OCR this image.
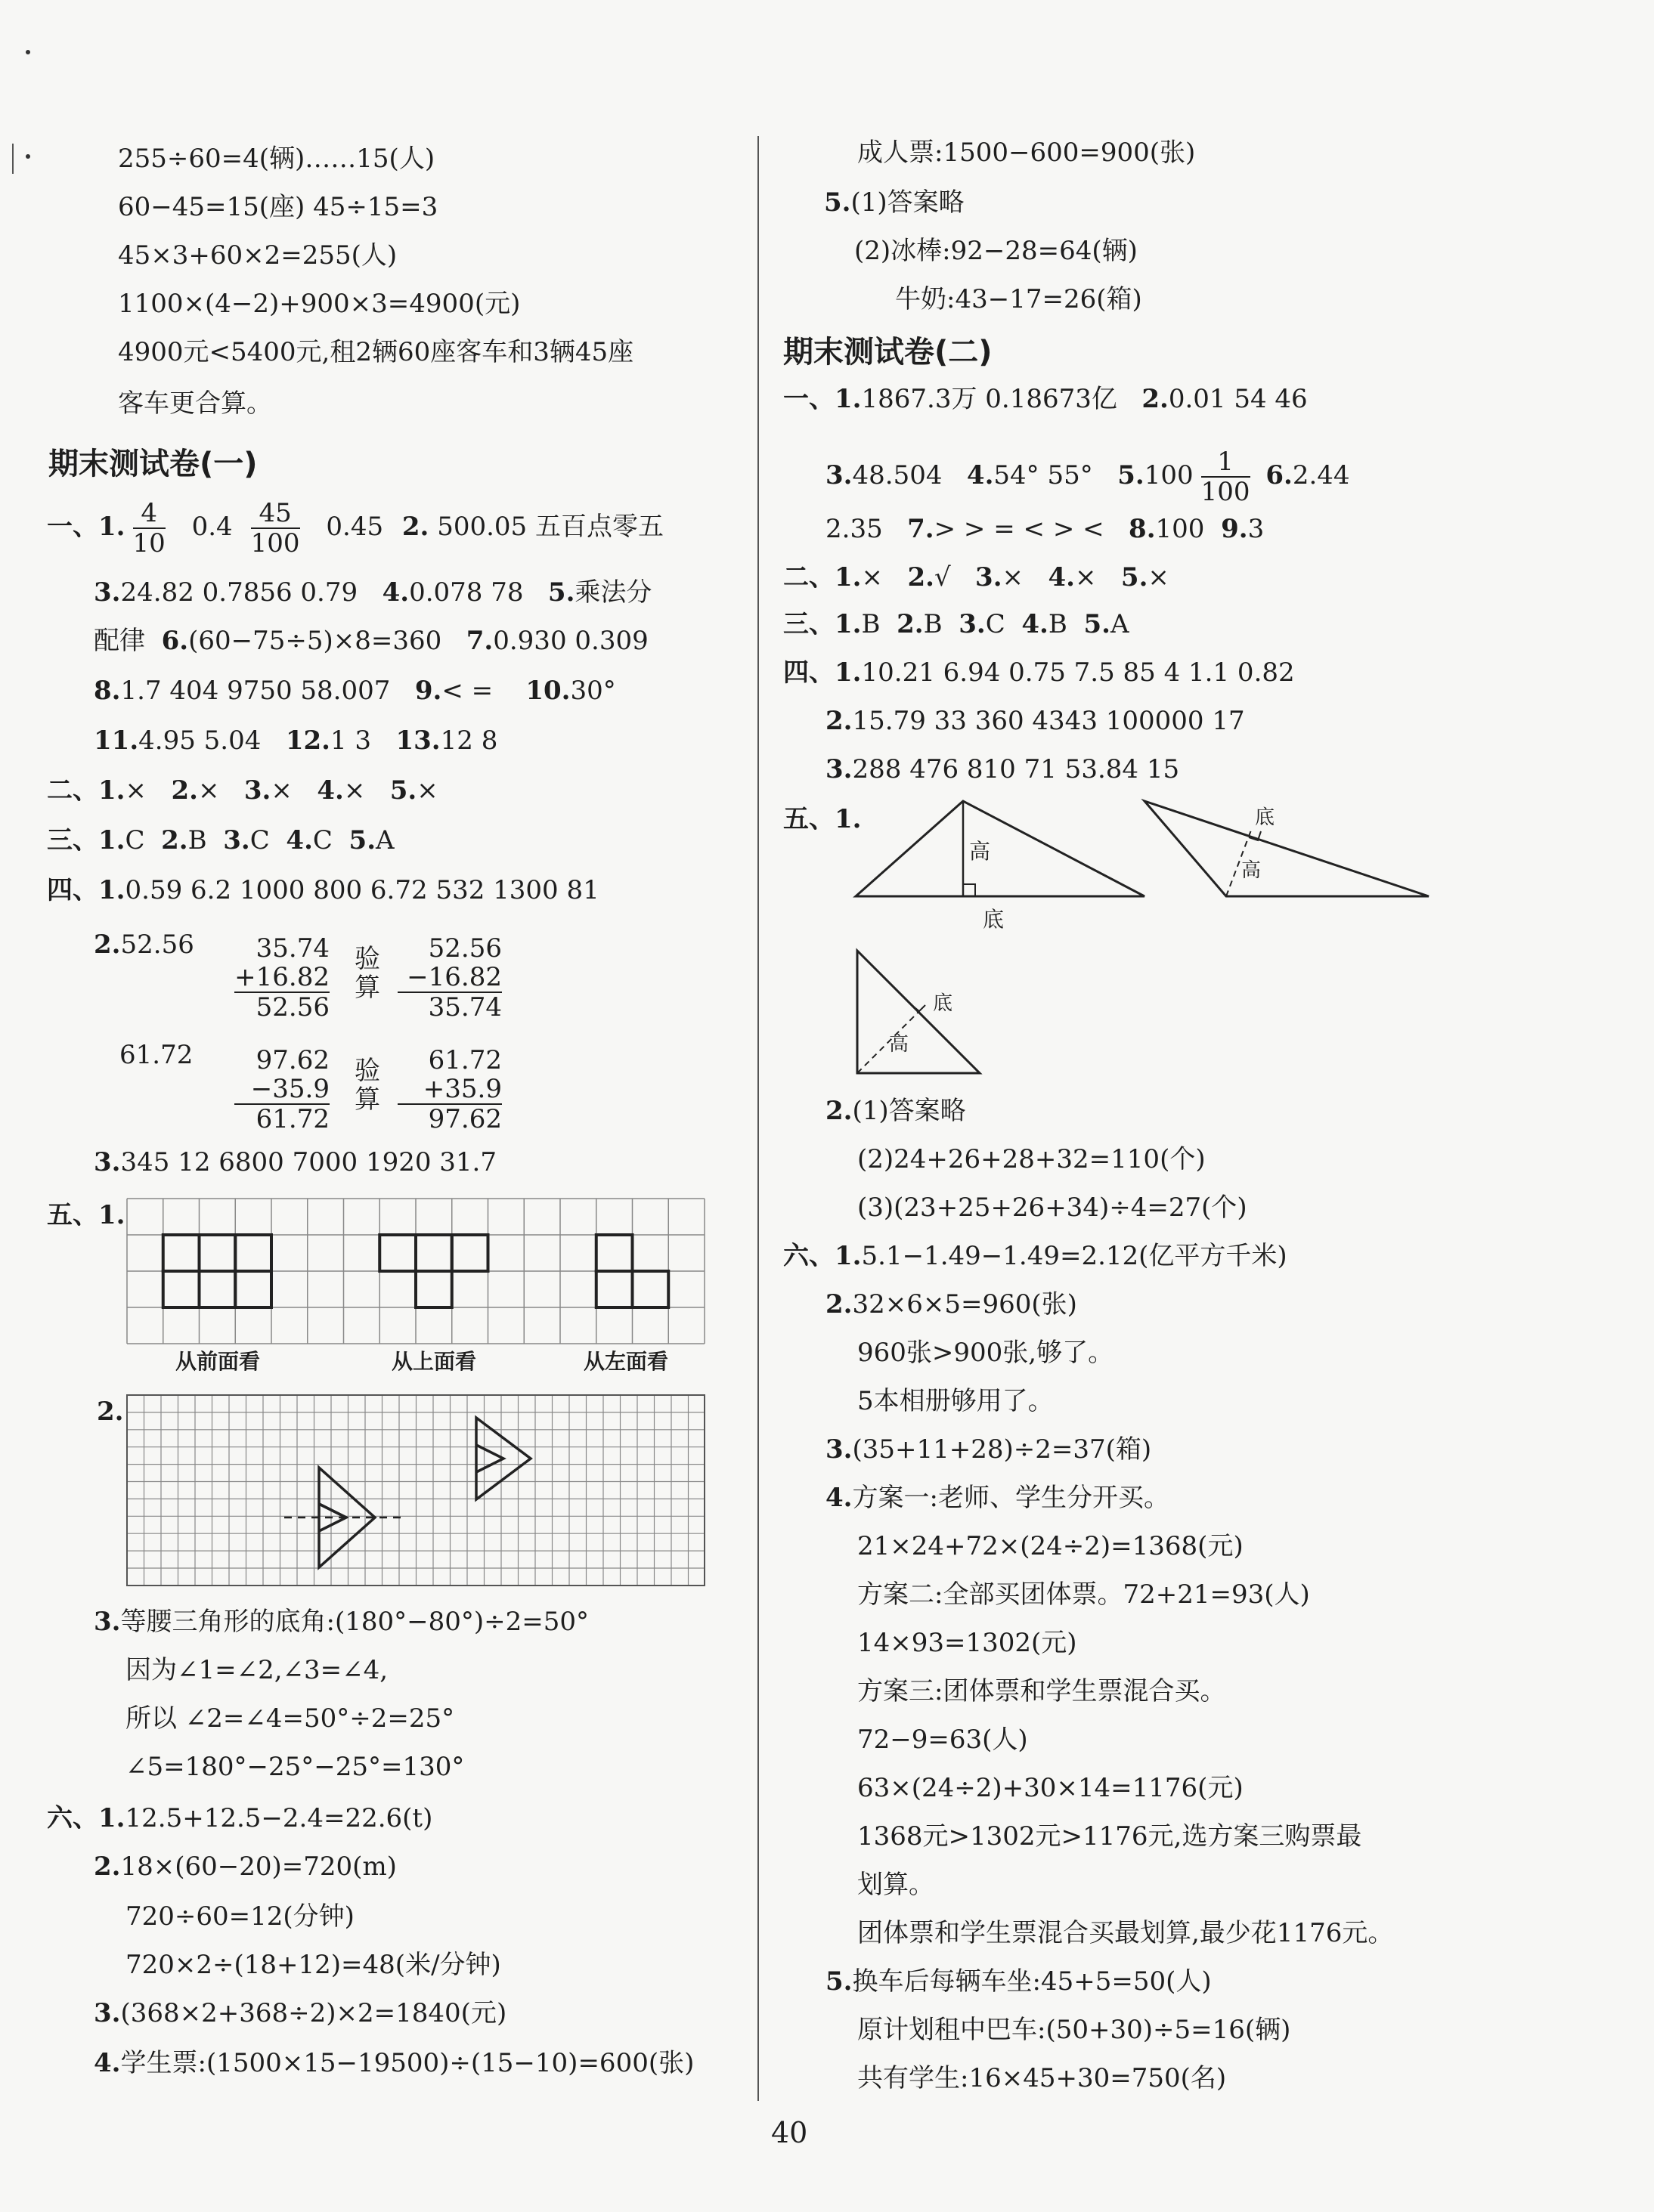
255÷60=4(辆)……15(人)
60−45=15(座) 45÷15=3
45×3+60×2=255(人)
1100×(4−2)+900×3=4900(元)
4900元<5400元,租2辆60座客车和3辆45座
客车更合算。
期末测试卷(一)
一、1. $\frac{4}{10} 0.4 \frac{45}{100} 0.45$ 2. 500.05 五百点零五
3.24.82 0.7856 0.79 4.0.078 78 5.乘法分
配律 6.(60−75÷5)×8=360 7.0.930 0.309
8.1.7 404 9750 58.007 9.< = 10.30°
11.4.95 5.04 12.1 3 13.12 8
二、1.× 2.× 3.× 4.× 5.×
三、1.C 2.B 3.C 4.C 5.A
四、1.0.59 6.2 1000 800 6.72 532 1300 81
2.52.56	35.74
+16.82
52.56
验算
52.56
−16.82
35.74
61.72	97.62
−35.9
61.72
验算
61.72
+35.9
97.62
3.345 12 6800 7000 1920 31.7
五、1.
从前面看	从上面看	从左面看
2.
3.等腰三角形的底角:(180°−80°)÷2=50°
因为∠1=∠2,∠3=∠4,
所以 ∠2=∠4=50°÷2=25°
∠5=180°−25°−25°=130°
六、1.12.5+12.5−2.4=22.6(t)
2.18×(60−20)=720(m)
720÷60=12(分钟)
720×2÷(18+12)=48(米/分钟)
3.(368×2+368÷2)×2=1840(元)
4.学生票:(1500×15−19500)÷(15−10)=600(张)
成人票:1500−600=900(张)
5.(1)答案略
(2)冰棒:92−28=64(辆)
牛奶:43−17=26(箱)
期末测试卷(二)
一、1.1867.3万 0.18673亿 2.0.01 54 46
3.48.504 4.54° 55° $5.100 \frac{1}{100} 6.2.44$
2.35 7.> > = < > < 8.100 9.3
二、1.× 2.√ 3.× 4.× 5.×
三、1.B 2.B 3.C 4.B 5.A
四、1.10.21 6.94 0.75 7.5 85 4 1.1 0.82
2.15.79 33 360 4343 100000 17
3.288 476 810 71 53.84 15
五、1.
高
底
底
高
底
高
2.(1)答案略
(2)24+26+28+32=110(个)
(3)(23+25+26+34)÷4=27(个)
六、1.5.1−1.49−1.49=2.12(亿平方千米)
2.32×6×5=960(张)
960张>900张,够了。
5本相册够用了。
3.(35+11+28)÷2=37(箱)
4.方案一:老师、学生分开买。
21×24+72×(24÷2)=1368(元)
方案二:全部买团体票。72+21=93(人)
14×93=1302(元)
方案三:团体票和学生票混合买。
72−9=63(人)
63×(24÷2)+30×14=1176(元)
1368元>1302元>1176元,选方案三购票最
划算。
团体票和学生票混合买最划算,最少花1176元。
5.换车后每辆车坐:45+5=50(人)
原计划租中巴车:(50+30)÷5=16(辆)
共有学生:16×45+30=750(名)
40
